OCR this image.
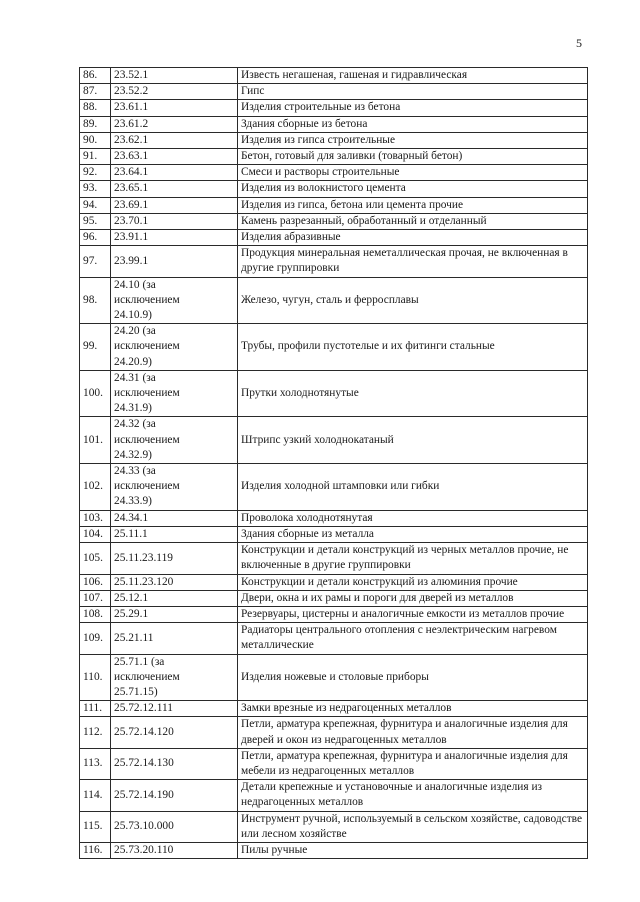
5
86.	23.52.1	Известь негашеная, гашеная и гидравлическая
87.	23.52.2	Гипс
88.	23.61.1	Изделия строительные из бетона
89.	23.61.2	Здания сборные из бетона
90.	23.62.1	Изделия из гипса строительные
91.	23.63.1	Бетон, готовый для заливки (товарный бетон)
92.	23.64.1	Смеси и растворы строительные
93.	23.65.1	Изделия из волокнистого цемента
94.	23.69.1	Изделия из гипса, бетона или цемента прочие
95.	23.70.1	Камень разрезанный, обработанный и отделанный
96.	23.91.1	Изделия абразивные
97.	23.99.1	Продукция минеральная неметаллическая прочая, не включенная в другие группировки
98.	24.10 (за
исключением
24.10.9)	Железо, чугун, сталь и ферросплавы
99.	24.20 (за
исключением
24.20.9)	Трубы, профили пустотелые и их фитинги стальные
100.	24.31 (за
исключением
24.31.9)	Прутки холоднотянутые
101.	24.32 (за
исключением
24.32.9)	Штрипс узкий холоднокатаный
102.	24.33 (за
исключением
24.33.9)	Изделия холодной штамповки или гибки
103.	24.34.1	Проволока холоднотянутая
104.	25.11.1	Здания сборные из металла
105.	25.11.23.119	Конструкции и детали конструкций из черных металлов прочие, не включенные в другие группировки
106.	25.11.23.120	Конструкции и детали конструкций из алюминия прочие
107.	25.12.1	Двери, окна и их рамы и пороги для дверей из металлов
108.	25.29.1	Резервуары, цистерны и аналогичные емкости из металлов прочие
109.	25.21.11	Радиаторы центрального отопления с неэлектрическим нагревом металлические
110.	25.71.1 (за
исключением
25.71.15)	Изделия ножевые и столовые приборы
111.	25.72.12.111	Замки врезные из недрагоценных металлов
112.	25.72.14.120	Петли, арматура крепежная, фурнитура и аналогичные изделия для дверей и окон из недрагоценных металлов
113.	25.72.14.130	Петли, арматура крепежная, фурнитура и аналогичные изделия для мебели из недрагоценных металлов
114.	25.72.14.190	Детали крепежные и установочные и аналогичные изделия из недрагоценных металлов
115.	25.73.10.000	Инструмент ручной, используемый в сельском хозяйстве, садоводстве или лесном хозяйстве
116.	25.73.20.110	Пилы ручные
